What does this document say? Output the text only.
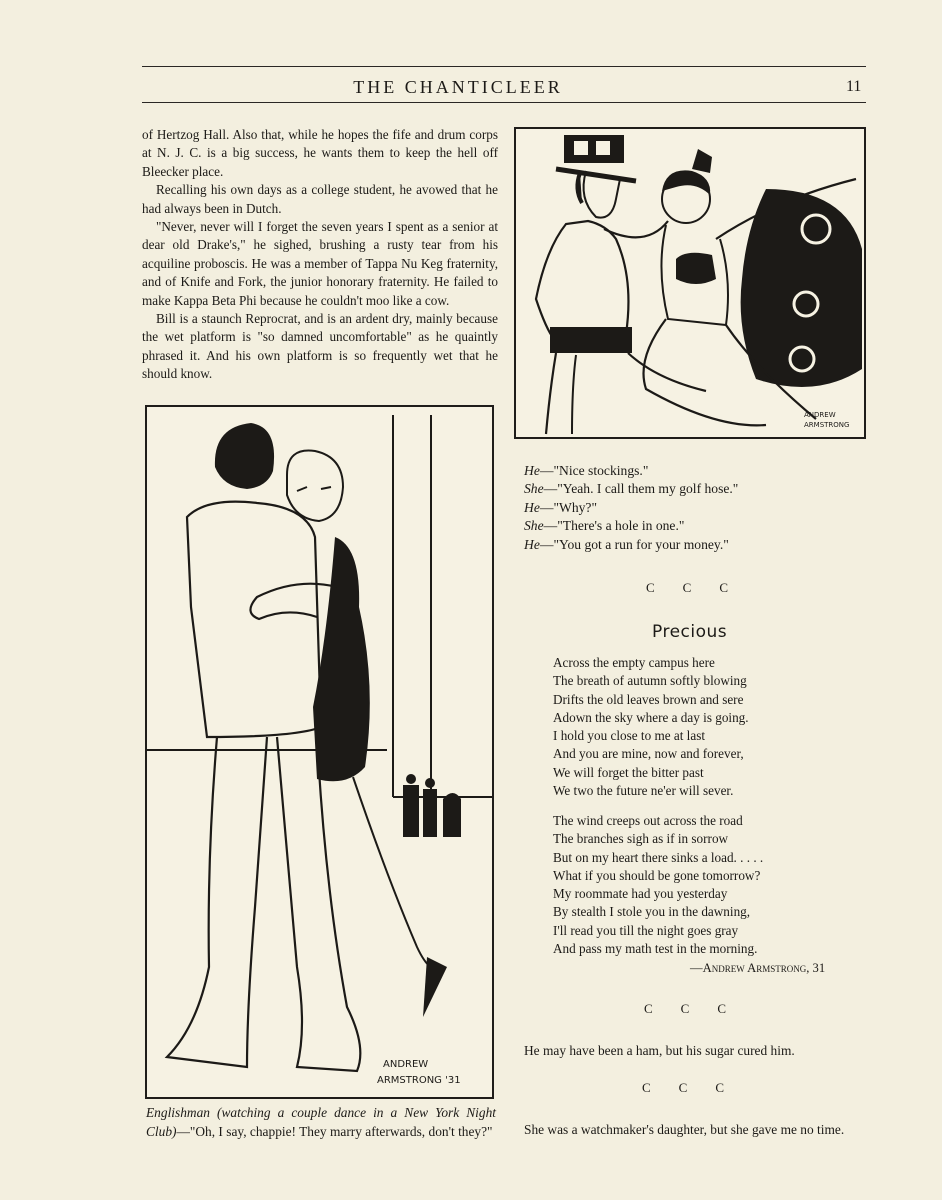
THE CHANTICLEER	11

of Hertzog Hall. Also that, while he hopes the fife and drum corps at N. J. C. is a big success, he wants them to keep the hell off Bleecker place.

Recalling his own days as a college student, he avowed that he had always been in Dutch.

"Never, never will I forget the seven years I spent as a senior at dear old Drake's," he sighed, brushing a rusty tear from his acquiline proboscis. He was a member of Tappa Nu Keg fraternity, and of Knife and Fork, the junior honorary fraternity. He failed to make Kappa Beta Phi because he couldn't moo like a cow.

Bill is a staunch Reprocrat, and is an ardent dry, mainly because the wet platform is "so damned uncomfortable" as he quaintly phrased it. And his own platform is so frequently wet that he should know.

ANDREW
ARMSTRONG
ANDREW
ARMSTRONG '31
Englishman (watching a couple dance in a New York Night Club)—"Oh, I say, chappie! They marry afterwards, don't they?"
He—"Nice stockings."
She—"Yeah. I call them my golf hose."
He—"Why?"
She—"There's a hole in one."
He—"You got a run for your money."
CCC
Precious
Across the empty campus here
The breath of autumn softly blowing
Drifts the old leaves brown and sere
Adown the sky where a day is going.
I hold you close to me at last
And you are mine, now and forever,
We will forget the bitter past
We two the future ne'er will sever.
The wind creeps out across the road
The branches sigh as if in sorrow
But on my heart there sinks a load. . . . .
What if you should be gone tomorrow?
My roommate had you yesterday
By stealth I stole you in the dawning,
I'll read you till the night goes gray
And pass my math test in the morning.
—Andrew Armstrong, 31
CCC
He may have been a ham, but his sugar cured him.
CCC
She was a watchmaker's daughter, but she gave me no time.
